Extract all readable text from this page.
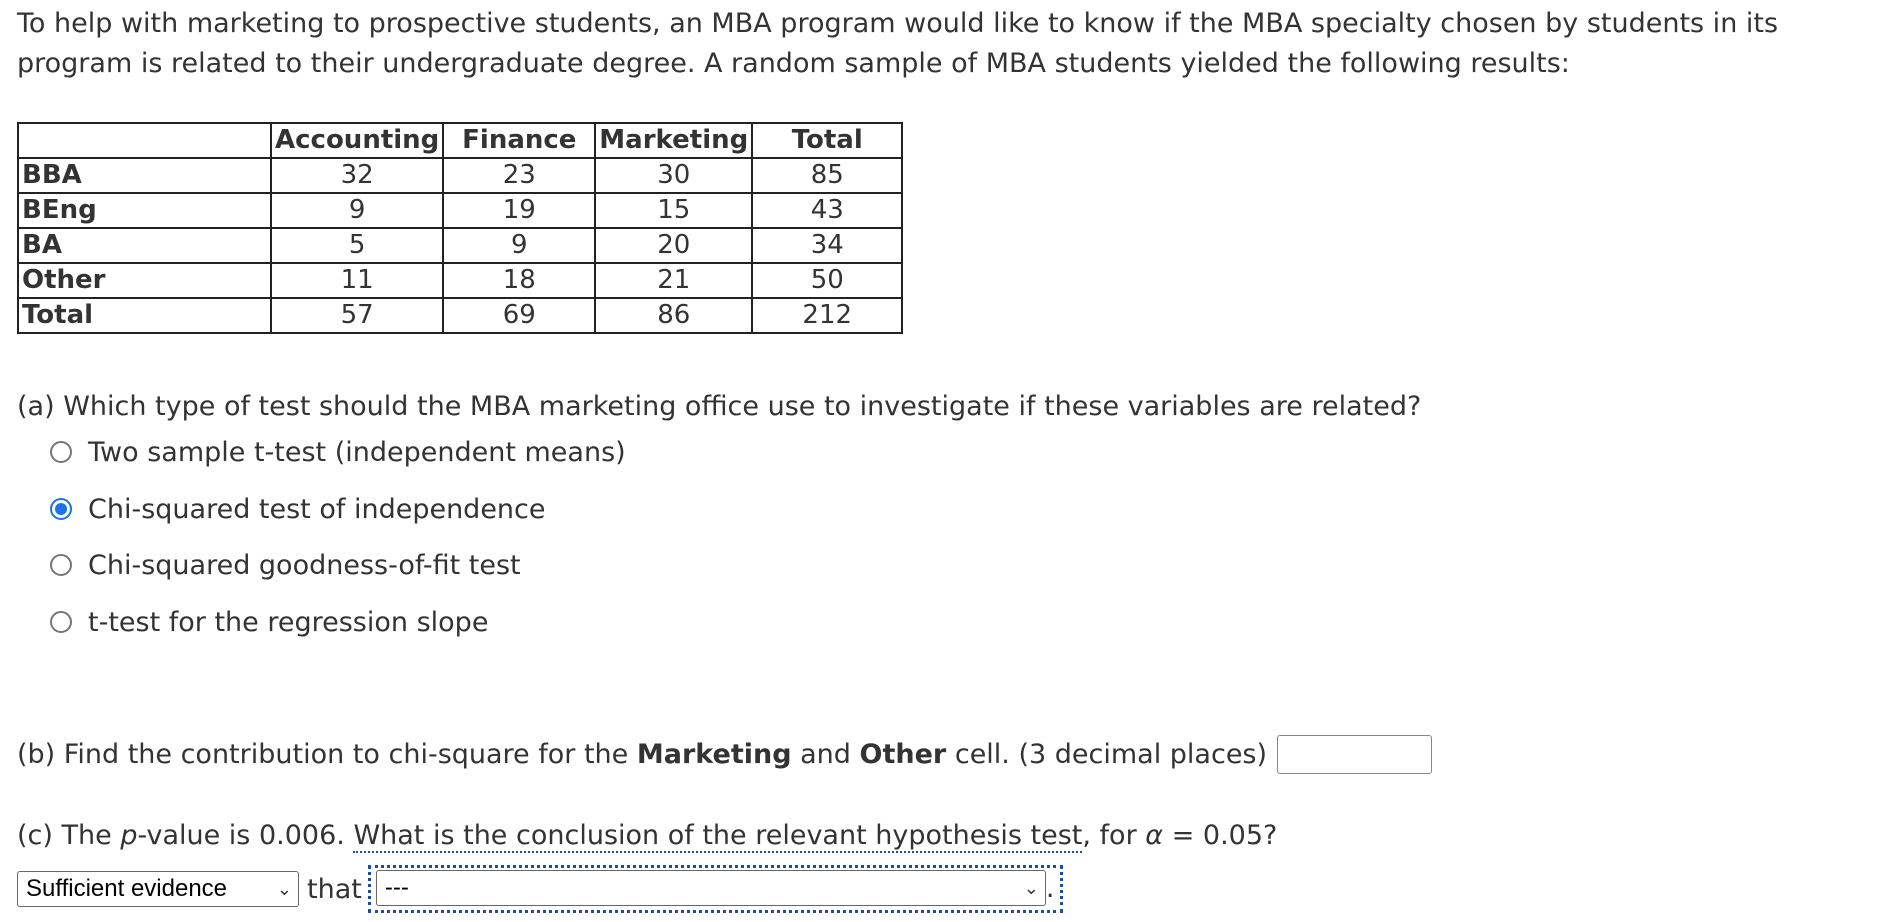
To help with marketing to prospective students, an MBA program would like to know if the MBA specialty chosen by students in its program is related to their undergraduate degree. A random sample of MBA students yielded the following results:

	Accounting	Finance	Marketing	Total
BBA	32	23	30	85
BEng	9	19	15	43
BA	5	9	20	34
Other	11	18	21	50
Total	57	69	86	212

(a) Which type of test should the MBA marketing office use to investigate if these variables are related?

Two sample t-test (independent means)
Chi-squared test of independence
Chi-squared goodness-of-fit test
t-test for the regression slope
(b) Find the contribution to chi-square for the
Marketing
and
Other
cell. (3 decimal places)

(c) The p-value is 0.006. What is the conclusion of the relevant hypothesis test, for α = 0.05?

Sufficient evidence	⌄ that ---	⌄ .
